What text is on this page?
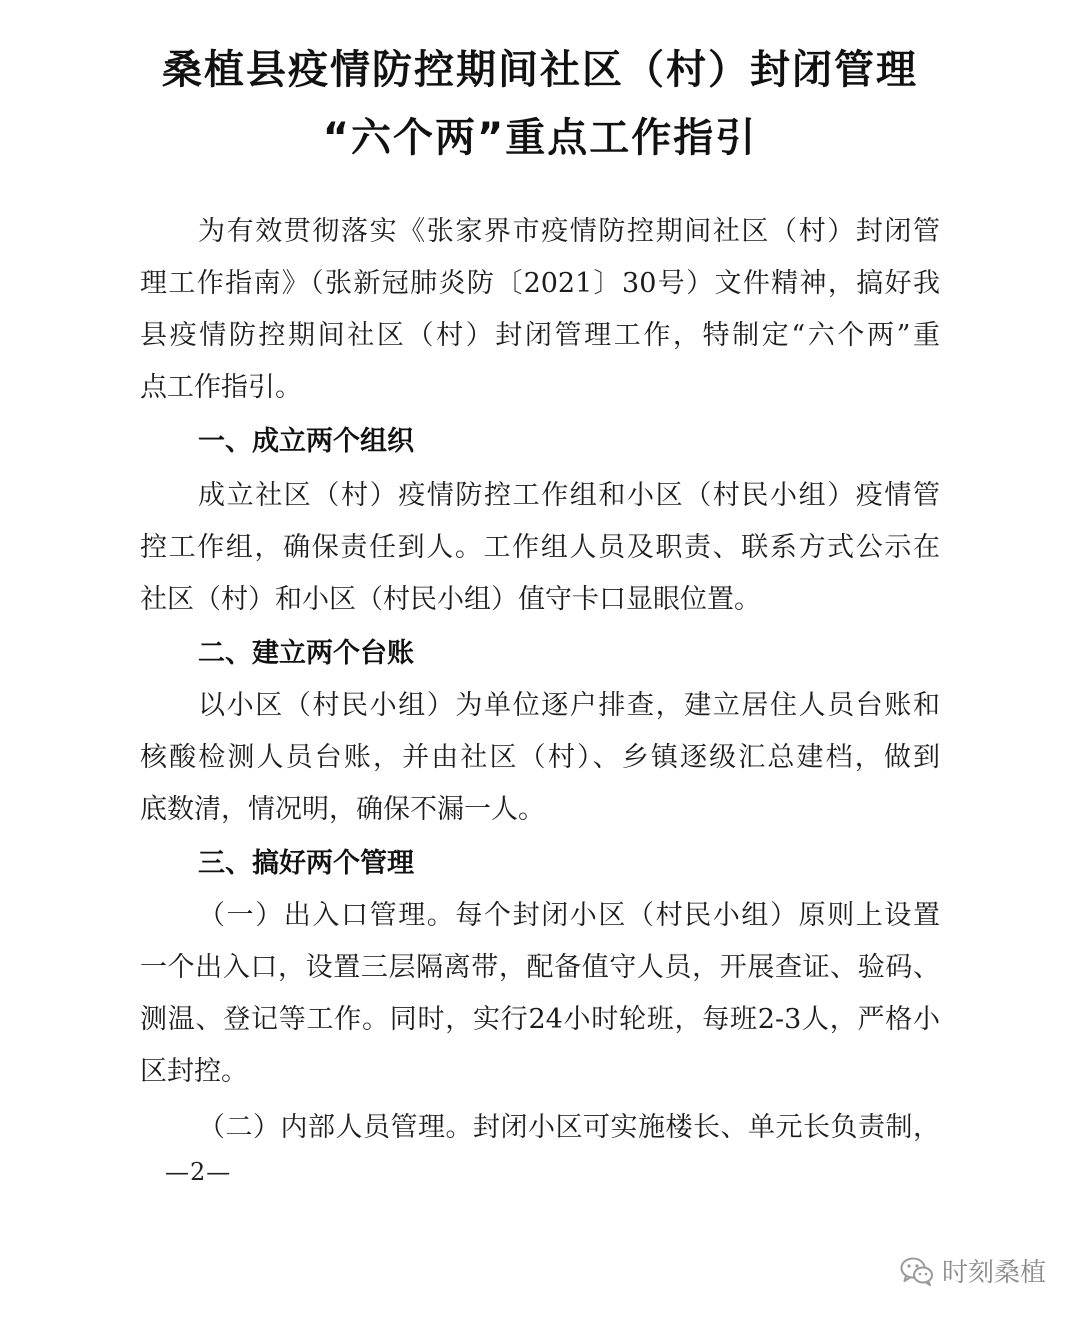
桑植县疫情防控期间社区（村）封闭管理
“六个两”重点工作指引
为有效贯彻落实《张家界市疫情防控期间社区（村）封闭管
理工作指南》（张新冠肺炎防〔2021〕30号）文件精神，搞好我
县疫情防控期间社区（村）封闭管理工作，特制定“六个两”重
点工作指引。
一、成立两个组织
成立社区（村）疫情防控工作组和小区（村民小组）疫情管
控工作组，确保责任到人。工作组人员及职责、联系方式公示在
社区（村）和小区（村民小组）值守卡口显眼位置。
二、建立两个台账
以小区（村民小组）为单位逐户排查，建立居住人员台账和
核酸检测人员台账，并由社区（村）、乡镇逐级汇总建档，做到
底数清，情况明，确保不漏一人。
三、搞好两个管理
（一）出入口管理。每个封闭小区（村民小组）原则上设置
一个出入口，设置三层隔离带，配备值守人员，开展查证、验码、
测温、登记等工作。同时，实行24小时轮班，每班2-3人，严格小
区封控。
（二）内部人员管理。封闭小区可实施楼长、单元长负责制，
—2—
时刻桑植
